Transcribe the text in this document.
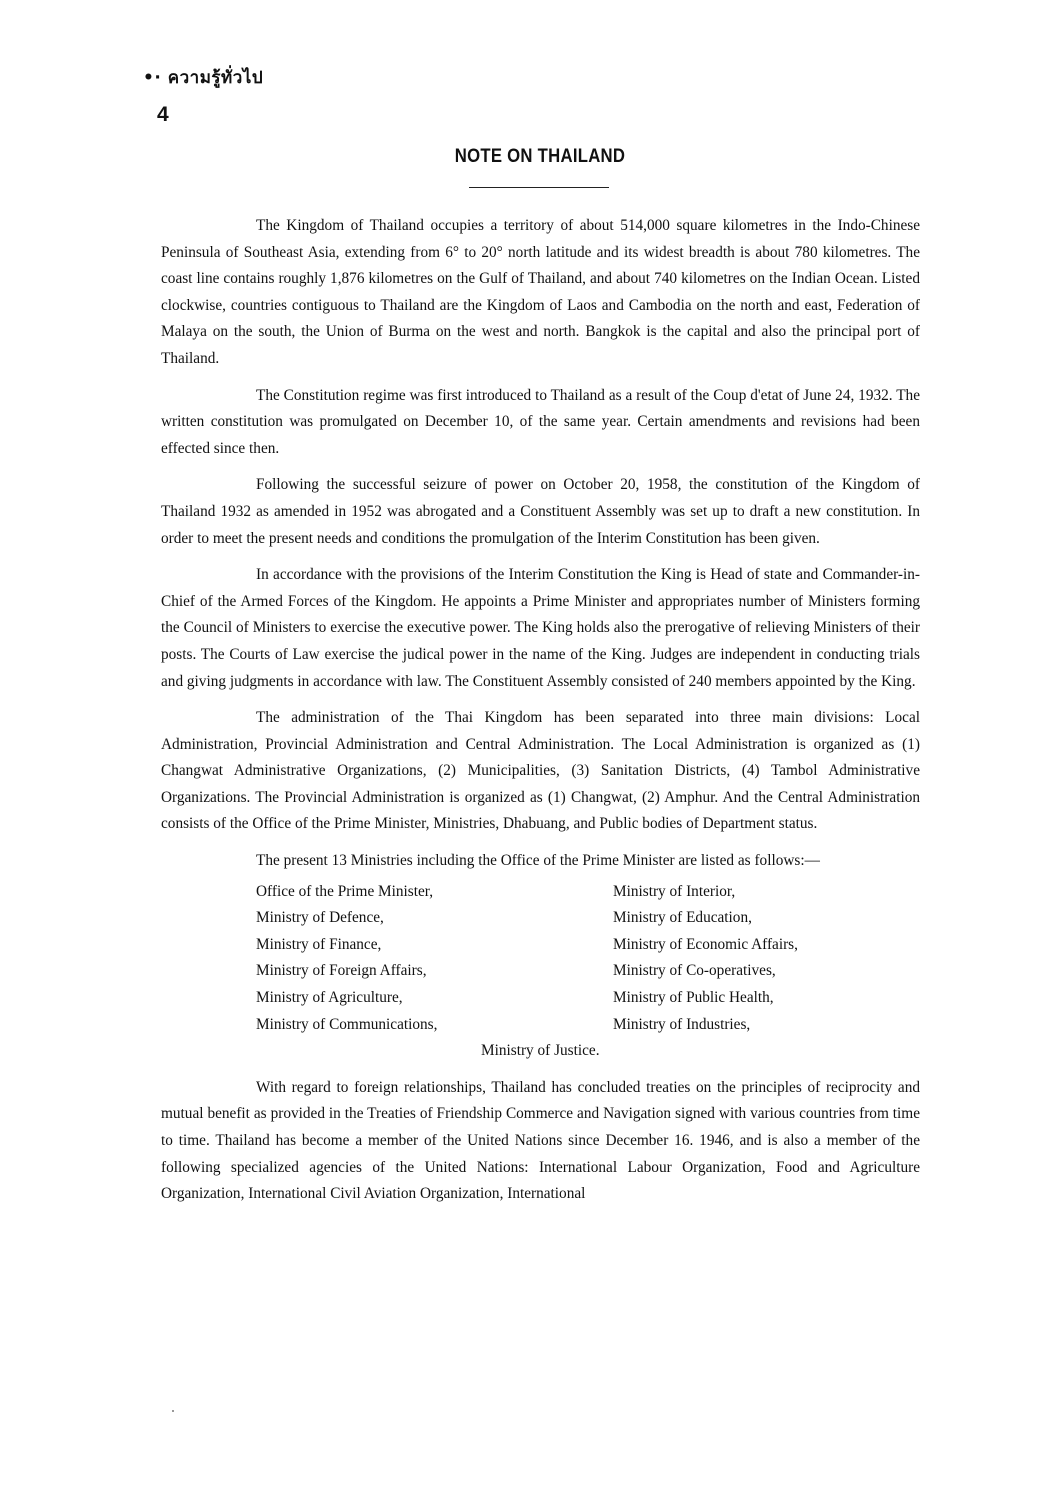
•· ความรู้ทั่วไป
4
NOTE ON THAILAND

The Kingdom of Thailand occupies a territory of about 514,000 square kilometres in the Indo-Chinese Peninsula of Southeast Asia, extending from 6° to 20° north latitude and its widest breadth is about 780 kilometres. The coast line contains roughly 1,876 kilometres on the Gulf of Thailand, and about 740 kilometres on the Indian Ocean. Listed clockwise, countries contiguous to Thailand are the Kingdom of Laos and Cambodia on the north and east, Federation of Malaya on the south, the Union of Burma on the west and north. Bangkok is the capital and also the principal port of Thailand.

The Constitution regime was first introduced to Thailand as a result of the Coup d'etat of June 24, 1932. The written constitution was promulgated on December 10, of the same year. Certain amendments and revisions had been effected since then.

Following the successful seizure of power on October 20, 1958, the constitution of the Kingdom of Thailand 1932 as amended in 1952 was abrogated and a Constituent Assembly was set up to draft a new constitution. In order to meet the present needs and conditions the promulgation of the Interim Constitution has been given.

In accordance with the provisions of the Interim Constitution the King is Head of state and Commander-in-Chief of the Armed Forces of the Kingdom. He appoints a Prime Minister and appropriates number of Ministers forming the Council of Ministers to exercise the executive power. The King holds also the prerogative of relieving Ministers of their posts. The Courts of Law exercise the judical power in the name of the King. Judges are independent in conducting trials and giving judgments in accordance with law. The Constituent Assembly consisted of 240 members appointed by the King.

The administration of the Thai Kingdom has been separated into three main divisions: Local Administration, Provincial Administration and Central Administration. The Local Administration is organized as (1) Changwat Administrative Organizations, (2) Municipalities, (3) Sanitation Districts, (4) Tambol Administrative Organizations. The Provincial Administration is organized as (1) Changwat, (2) Amphur. And the Central Administration consists of the Office of the Prime Minister, Ministries, Dhabuang, and Public bodies of Department status.

The present 13 Ministries including the Office of the Prime Minister are listed as follows:—

Office of the Prime Minister,	Ministry of Interior,
Ministry of Defence,	Ministry of Education,
Ministry of Finance,	Ministry of Economic Affairs,
Ministry of Foreign Affairs,	Ministry of Co-operatives,
Ministry of Agriculture,	Ministry of Public Health,
Ministry of Communications,	Ministry of Industries,
Ministry of Justice.

With regard to foreign relationships, Thailand has concluded treaties on the principles of reciprocity and mutual benefit as provided in the Treaties of Friendship Commerce and Navigation signed with various countries from time to time. Thailand has become a member of the United Nations since December 16. 1946, and is also a member of the following specialized agencies of the United Nations: International Labour Organization, Food and Agriculture Organization, International Civil Aviation Organization, International
